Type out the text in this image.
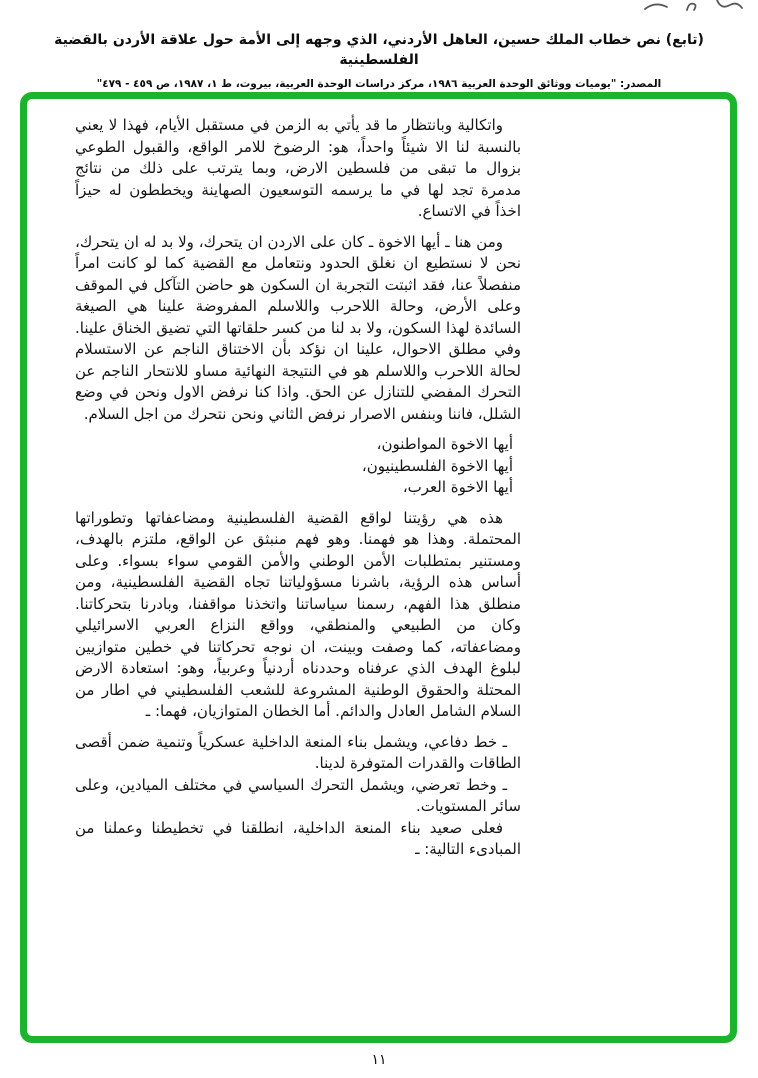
(تابع) نص خطاب الملك حسين، العاهل الأردني، الذي وجهه إلى الأمة حول علاقة الأردن بالقضية الفلسطينية

المصدر: "يوميات ووثائق الوحدة العربية ١٩٨٦، مركز دراسات الوحدة العربية، بيروت، ط ١، ١٩٨٧، ص ٤٥٩ - ٤٧٩"

واتكالية وبانتظار ما قد يأتي به الزمن في مستقبل الأيام، فهذا لا يعني بالنسبة لنا الا شيئاً واحداً، هو: الرضوخ للامر الواقع، والقبول الطوعي بزوال ما تبقى من فلسطين الارض، وبما يترتب على ذلك من نتائج مدمرة تجد لها في ما يرسمه التوسعيون الصهاينة ويخططون له حيزاً اخذاً في الاتساع.

ومن هنا ـ أيها الاخوة ـ كان على الاردن ان يتحرك، ولا بد له ان يتحرك، نحن لا نستطيع ان نغلق الحدود ونتعامل مع القضية كما لو كانت امراً منفصلاً عنا، فقد اثبتت التجربة ان السكون هو حاضن التآكل في الموقف وعلى الأرض، وحالة اللاحرب واللاسلم المفروضة علينا هي الصيغة السائدة لهذا السكون، ولا بد لنا من كسر حلقاتها التي تضيق الخناق علينا. وفي مطلق الاحوال، علينا ان نؤكد بأن الاختناق الناجم عن الاستسلام لحالة اللاحرب واللاسلم هو في النتيجة النهائية مساو للانتحار الناجم عن التحرك المفضي للتنازل عن الحق. واذا كنا نرفض الاول ونحن في وضع الشلل، فاننا وبنفس الاصرار نرفض الثاني ونحن نتحرك من اجل السلام.

أيها الاخوة المواطنون،

أيها الاخوة الفلسطينيون،

أيها الاخوة العرب،

هذه هي رؤيتنا لواقع القضية الفلسطينية ومضاعفاتها وتطوراتها المحتملة. وهذا هو فهمنا. وهو فهم منبثق عن الواقع، ملتزم بالهدف، ومستنير بمتطلبات الأمن الوطني والأمن القومي سواء بسواء. وعلى أساس هذه الرؤية، باشرنا مسؤولياتنا تجاه القضية الفلسطينية، ومن منطلق هذا الفهم، رسمنا سياساتنا واتخذنا مواقفنا، وبادرنا بتحركاتنا. وكان من الطبيعي والمنطقي، وواقع النزاع العربي الاسرائيلي ومضاعفاته، كما وصفت وبينت، ان نوجه تحركاتنا في خطين متوازيين لبلوغ الهدف الذي عرفناه وحددناه أردنياً وعربياً، وهو: استعادة الارض المحتلة والحقوق الوطنية المشروعة للشعب الفلسطيني في اطار من السلام الشامل العادل والدائم. أما الخطان المتوازيان، فهما: ـ

ـ خط دفاعي، ويشمل بناء المنعة الداخلية عسكرياً وتنمية ضمن أقصى الطاقات والقدرات المتوفرة لدينا.

ـ وخط تعرضي، ويشمل التحرك السياسي في مختلف الميادين، وعلى سائر المستويات.

فعلى صعيد بناء المنعة الداخلية، انطلقنا في تخطيطنا وعملنا من المبادىء التالية: ـ

١١
